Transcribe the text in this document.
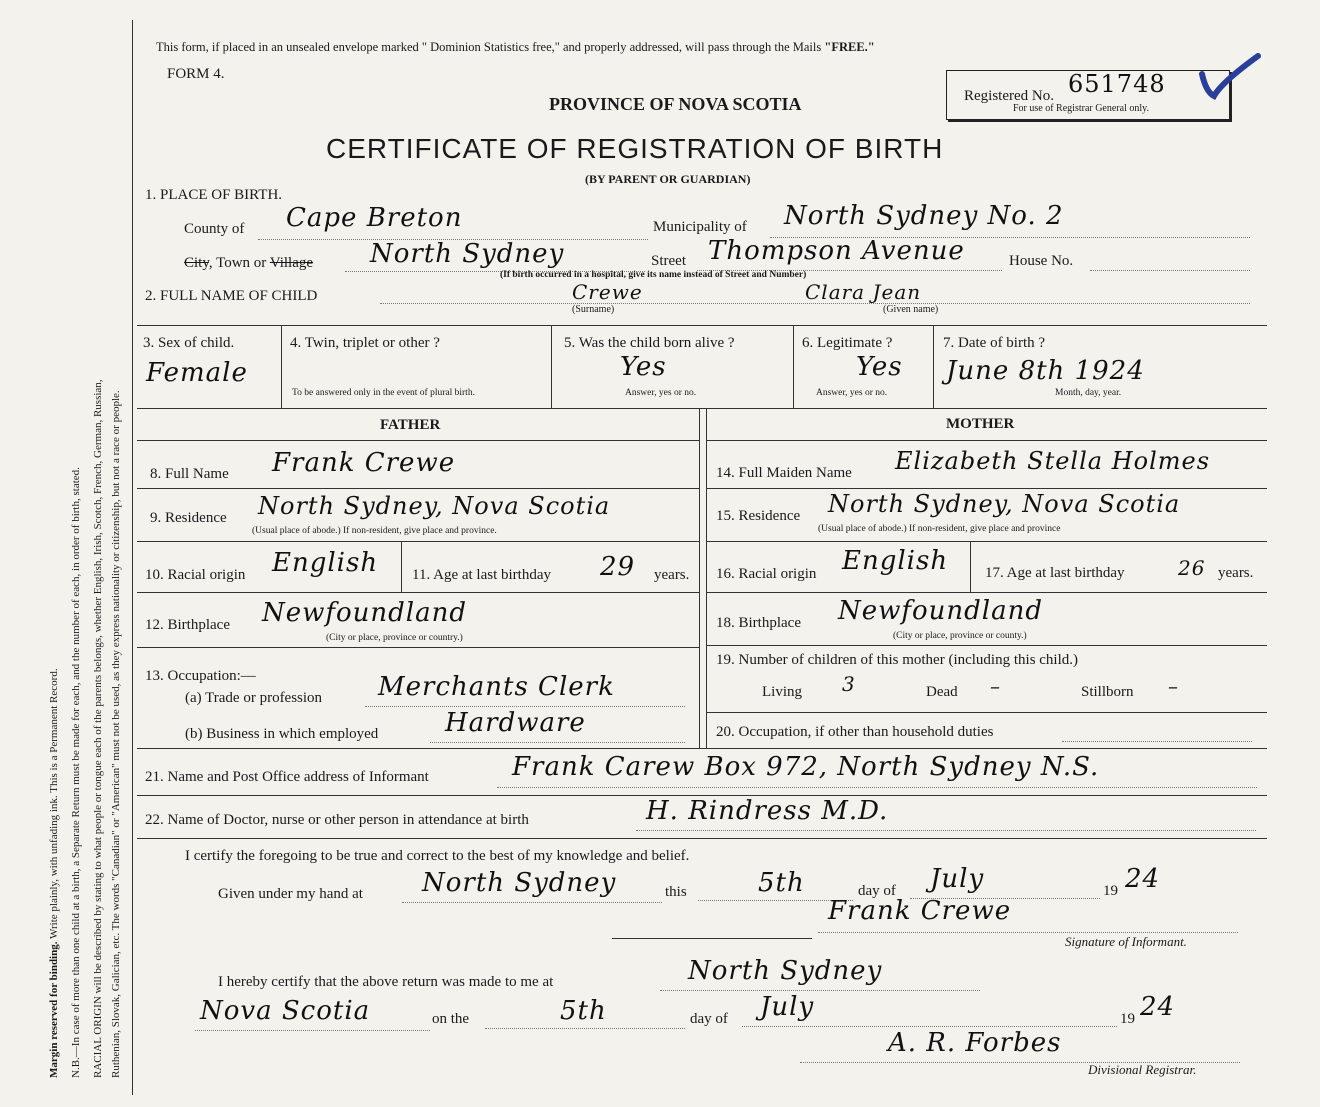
Margin reserved for binding. Write plainly, with unfading ink. This is a Permanent Record. N.B.—In case of more than one child at a birth, a Separate Return must be made for each, and the number of each, in order of birth, stated. RACIAL ORIGIN will be described by stating to what people or tongue each of the parents belongs, whether English, Irish, Scotch, French, German, Russian, Ruthenian, Slovak, Galician, etc. The words "Canadian" or "American" must not be used, as they express nationality or citizenship, but not a race or people.
This form, if placed in an unsealed envelope marked " Dominion Statistics free," and properly addressed, will pass through the Mails "FREE."
FORM 4.
PROVINCE OF NOVA SCOTIA
CERTIFICATE OF REGISTRATION OF BIRTH
(BY PARENT OR GUARDIAN)
Registered No. 651748
For use of Registrar General only.
1. PLACE OF BIRTH.
County of Cape Breton	Municipality of North Sydney No. 2
City, Town or Village North Sydney	Street Thompson Avenue	House No.
(If birth occurred in a hospital, give its name instead of Street and Number)
2. FULL NAME OF CHILD	Crewe	Clara Jean
(Surname)	(Given name)
3. Sex of child.
Female
4. Twin, triplet or other ?
To be answered only in the event of plural birth.
5. Was the child born alive ?
Yes
Answer, yes or no.
6. Legitimate ?
Yes
Answer, yes or no.
7. Date of birth ?
June 8th 1924
Month, day, year.
FATHER	MOTHER
8. Full Name Frank Crewe	14. Full Maiden Name Elizabeth Stella Holmes
9. Residence North Sydney, Nova Scotia
(Usual place of abode.) If non-resident, give place and province.
15. Residence North Sydney, Nova Scotia
(Usual place of abode.) If non-resident, give place and province
10. Racial origin English 11. Age at last birthday 29 years. 16. Racial origin English 17. Age at last birthday	26 years.
12. Birthplace Newfoundland
(City or place, province or country.)
18. Birthplace Newfoundland
(City or place, province or county.)
13. Occupation:—
(a) Trade or profession Merchants Clerk
(b) Business in which employed	Hardware
19. Number of children of this mother (including this child.)
Living 3	Dead –	Stillborn –
20. Occupation, if other than household duties
21. Name and Post Office address of Informant	Frank Carew Box 972, North Sydney N.S.
22. Name of Doctor, nurse or other person in attendance at birth	H. Rindress M.D.
I certify the foregoing to be true and correct to the best of my knowledge and belief.
Given under my hand at North Sydney	this	5th	day of July	19 24
Frank Crewe
Signature of Informant.
I hereby certify that the above return was made to me at	North Sydney
Nova Scotia	on the	5th	day of July	19 24
A. R. Forbes
Divisional Registrar.
